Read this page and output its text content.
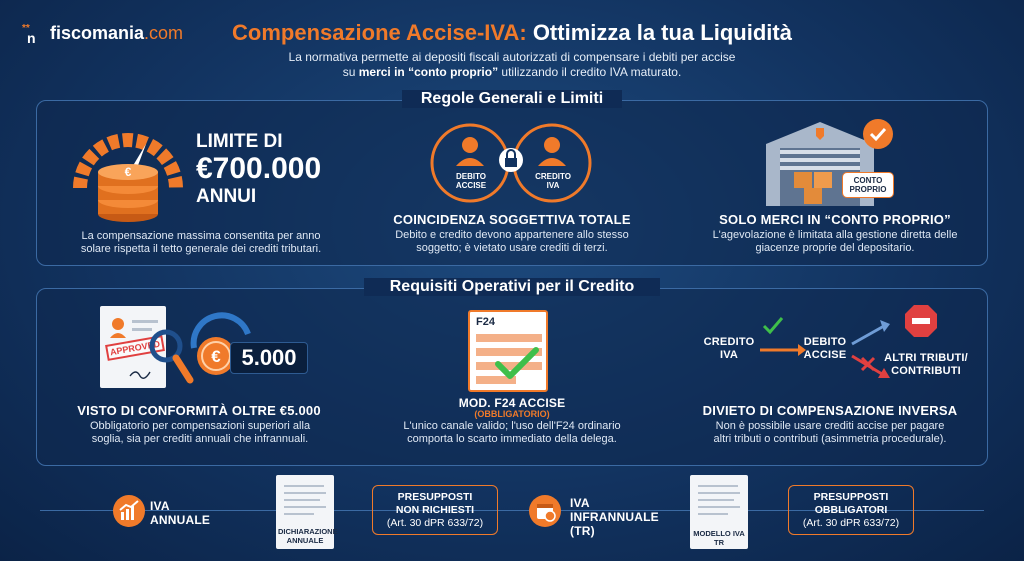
**
n fiscomania.com	Compensazione Accise-IVA: Ottimizza la tua Liquidità
La normativa permette ai depositi fiscali autorizzati di compensare i debiti per accise
su merci in “conto proprio” utilizzando il credito IVA maturato.
Regole Generali e Limiti
€
LIMITE DI
€700.000
ANNUI
La compensazione massima consentita per anno solare rispetta il tetto generale dei crediti tributari.
DEBITO ACCISE
CREDITO IVA
COINCIDENZA SOGGETTIVA TOTALE
Debito e credito devono appartenere allo stesso soggetto; è vietato usare crediti di terzi.
CONTO PROPRIO
SOLO MERCI IN “CONTO PROPRIO”
L'agevolazione è limitata alla gestione diretta delle giacenze proprie del depositario.
Requisiti Operativi per il Credito
APPROVED	€ 5.000
VISTO DI CONFORMITÀ OLTRE €5.000
Obbligatorio per compensazioni superiori alla soglia, sia per crediti annuali che infrannuali.
F24
MOD. F24 ACCISE
(OBBLIGATORIO)
L'unico canale valido; l'uso dell'F24 ordinario comporta lo scarto immediato della delega.
CREDITO IVA
DEBITO ACCISE	ALTRI TRIBUTI/ CONTRIBUTI
DIVIETO DI COMPENSAZIONE INVERSA
Non è possibile usare crediti accise per pagare altri tributi o contributi (asimmetria procedurale).
IVA ANNUALE
DICHIARAZIONE ANNUALE
PRESUPPOSTI
NON RICHIESTI
(Art. 30 dPR 633/72)
IVA INFRANNUALE (TR)	MODELLO IVA TR
PRESUPPOSTI
OBBLIGATORI
(Art. 30 dPR 633/72)
